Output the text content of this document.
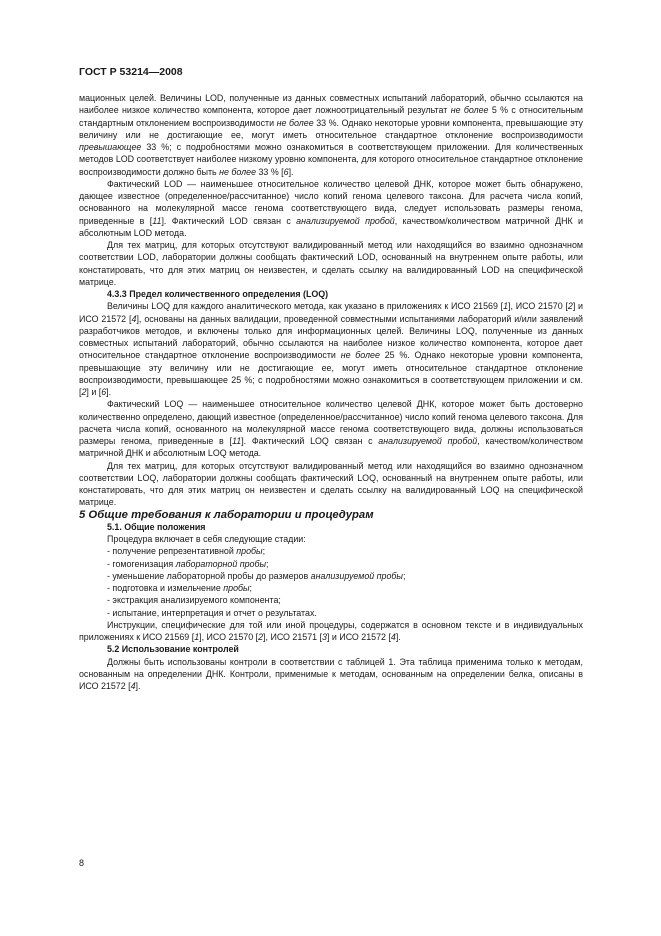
ГОСТ Р 53214—2008

мационных целей. Величины LOD, полученные из данных совместных испытаний лабораторий, обычно ссылаются на наиболее низкое количество компонента, которое дает ложноотрицательный результат не более 5 % с относительным стандартным отклонением воспроизводимости не более 33 %. Однако некоторые уровни компонента, превышающие эту величину или не достигающие ее, могут иметь относительное стандартное отклонение воспроизводимости превышающее 33 %; с подробностями можно ознакомиться в соответствующем приложении. Для количественных методов LOD соответствует наиболее низкому уровню компонента, для которого относительное стандартное отклонение воспроизводимости должно быть не более 33 % [6].

Фактический LOD — наименьшее относительное количество целевой ДНК, которое может быть обнаружено, дающее известное (определенное/рассчитанное) число копий генома целевого таксона. Для расчета числа копий, основанного на молекулярной массе генома соответствующего вида, следует использовать размеры генома, приведенные в [11]. Фактический LOD связан с анализируемой пробой, качеством/количеством матричной ДНК и абсолютным LOD метода.

Для тех матриц, для которых отсутствуют валидированный метод или находящийся во взаимно однозначном соответствии LOD, лаборатории должны сообщать фактический LOD, основанный на внутреннем опыте работы, или констатировать, что для этих матриц он неизвестен, и сделать ссылку на валидированный LOD на специфической матрице.

4.3.3 Предел количественного определения (LOQ)

Величины LOQ для каждого аналитического метода, как указано в приложениях к ИСО 21569 [1], ИСО 21570 [2] и ИСО 21572 [4], основаны на данных валидации, проведенной совместными испытаниями лабораторий и/или заявлений разработчиков методов, и включены только для информационных целей. Величины LOQ, полученные из данных совместных испытаний лабораторий, обычно ссылаются на наиболее низкое количество компонента, которое дает относительное стандартное отклонение воспроизводимости не более 25 %. Однако некоторые уровни компонента, превышающие эту величину или не достигающие ее, могут иметь относительное стандартное отклонение воспроизводимости, превышающее 25 %; с подробностями можно ознакомиться в соответствующем приложении и см. [2] и [6].

Фактический LOQ — наименьшее относительное количество целевой ДНК, которое может быть достоверно количественно определено, дающий известное (определенное/рассчитанное) число копий генома целевого таксона. Для расчета числа копий, основанного на молекулярной массе генома соответствующего вида, должны использоваться размеры генома, приведенные в [11]. Фактический LOQ связан с анализируемой пробой, качеством/количеством матричной ДНК и абсолютным LOQ метода.

Для тех матриц, для которых отсутствуют валидированный метод или находящийся во взаимно однозначном соответствии LOQ, лаборатории должны сообщать фактический LOQ, основанный на внутреннем опыте работы, или констатировать, что для этих матриц он неизвестен и сделать ссылку на валидированный LOQ на специфической матрице.

5 Общие требования к лаборатории и процедурам

5.1. Общие положения

Процедура включает в себя следующие стадии:

- получение репрезентативной пробы;

- гомогенизация лабораторной пробы;

- уменьшение лабораторной пробы до размеров анализируемой пробы;

- подготовка и измельчение пробы;

- экстракция анализируемого компонента;

- испытание, интерпретация и отчет о результатах.

Инструкции, специфические для той или иной процедуры, содержатся в основном тексте и в индивидуальных приложениях к ИСО 21569 [1], ИСО 21570 [2], ИСО 21571 [3] и ИСО 21572 [4].

5.2 Использование контролей

Должны быть использованы контроли в соответствии с таблицей 1. Эта таблица применима только к методам, основанным на определении ДНК. Контроли, применимые к методам, основанным на определении белка, описаны в ИСО 21572 [4].

8
